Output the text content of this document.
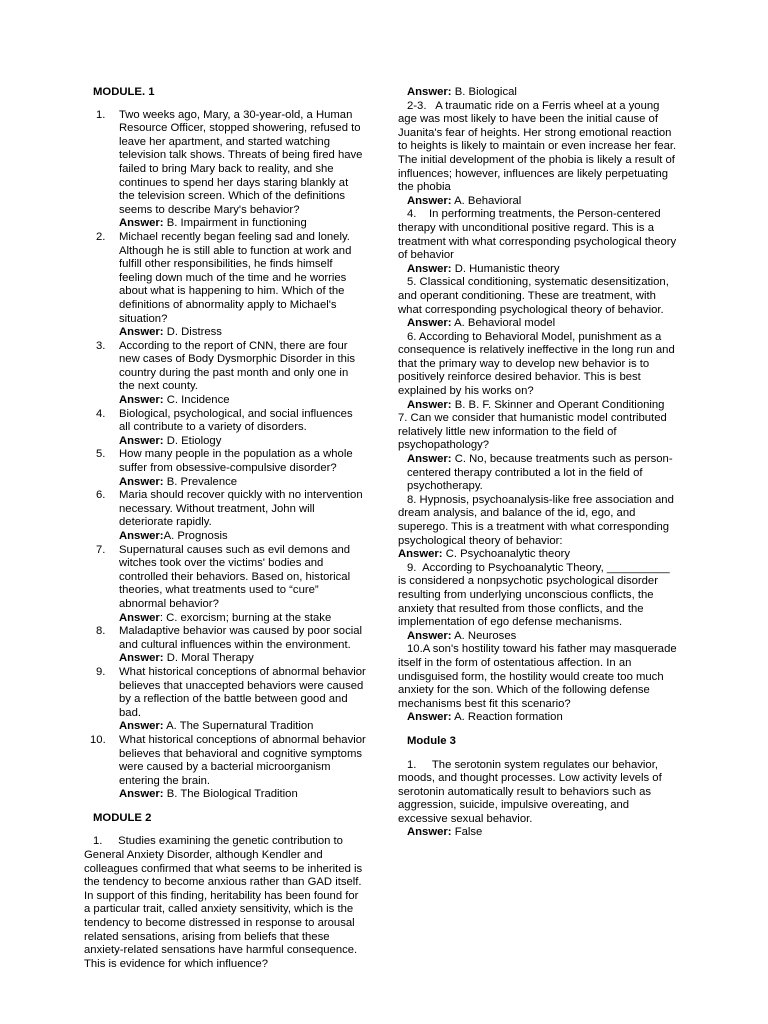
MODULE. 1

1. Two weeks ago, Mary, a 30-year-old, a Human Resource Officer, stopped showering, refused to leave her apartment, and started watching television talk shows. Threats of being fired have failed to bring Mary back to reality, and she continues to spend her days staring blankly at the television screen. Which of the definitions seems to describe Mary's behavior?
Answer: B. Impairment in functioning
2. Michael recently began feeling sad and lonely. Although he is still able to function at work and fulfill other responsibilities, he finds himself feeling down much of the time and he worries about what is happening to him. Which of the definitions of abnormality apply to Michael's situation?
Answer: D. Distress
3. According to the report of CNN, there are four new cases of Body Dysmorphic Disorder in this country during the past month and only one in the next county.
Answer: C. Incidence
4. Biological, psychological, and social influences all contribute to a variety of disorders.
Answer: D. Etiology
5. How many people in the population as a whole suffer from obsessive-compulsive disorder?
Answer: B. Prevalence
6. Maria should recover quickly with no intervention necessary. Without treatment, John will deteriorate rapidly.
Answer:A. Prognosis
7. Supernatural causes such as evil demons and witches took over the victims' bodies and controlled their behaviors. Based on, historical theories, what treatments used to “cure” abnormal behavior?
Answer: C. exorcism; burning at the stake
8. Maladaptive behavior was caused by poor social and cultural influences within the environment.
Answer: D. Moral Therapy
9. What historical conceptions of abnormal behavior believes that unaccepted behaviors were caused by a reflection of the battle between good and bad.
Answer: A. The Supernatural Tradition
10. What historical conceptions of abnormal behavior believes that behavioral and cognitive symptoms were caused by a bacterial microorganism entering the brain.
Answer: B. The Biological Tradition

MODULE 2

1.     Studies examining the genetic contribution to General Anxiety Disorder, although Kendler and colleagues confirmed that what seems to be inherited is the tendency to become anxious rather than GAD itself. In support of this finding, heritability has been found for a particular trait, called anxiety sensitivity, which is the tendency to become distressed in response to arousal related sensations, arising from beliefs that these anxiety-related sensations have harmful consequence. This is evidence for which influence?

Answer: B. Biological

2-3.   A traumatic ride on a Ferris wheel at a young age was most likely to have been the initial cause of Juanita's fear of heights. Her strong emotional reaction to heights is likely to maintain or even increase her fear. The initial development of the phobia is likely a result of influences; however, influences are likely perpetuating the phobia

Answer: A. Behavioral

4.    In performing treatments, the Person-centered therapy with unconditional positive regard. This is a treatment with what corresponding psychological theory of behavior

Answer: D. Humanistic theory

5. Classical conditioning, systematic desensitization, and operant conditioning. These are treatment, with what corresponding psychological theory of behavior.

Answer: A. Behavioral model

6. According to Behavioral Model, punishment as a consequence is relatively ineffective in the long run and that the primary way to develop new behavior is to positively reinforce desired behavior. This is best explained by his works on?

Answer: B. B. F. Skinner and Operant Conditioning

7. Can we consider that humanistic model contributed relatively little new information to the field of psychopathology?

Answer: C. No, because treatments such as person-centered therapy contributed a lot in the field of psychotherapy.

8. Hypnosis, psychoanalysis-like free association and dream analysis, and balance of the id, ego, and superego. This is a treatment with what corresponding psychological theory of behavior:

Answer: C. Psychoanalytic theory

9.  According to Psychoanalytic Theory, __________ is considered a nonpsychotic psychological disorder resulting from underlying unconscious conflicts, the anxiety that resulted from those conflicts, and the implementation of ego defense mechanisms.

Answer: A. Neuroses

10.A son's hostility toward his father may masquerade itself in the form of ostentatious affection. In an undisguised form, the hostility would create too much anxiety for the son. Which of the following defense mechanisms best fit this scenario?

Answer: A. Reaction formation

Module 3

1.     The serotonin system regulates our behavior, moods, and thought processes. Low activity levels of serotonin automatically result to behaviors such as aggression, suicide, impulsive overeating, and excessive sexual behavior.

Answer: False
